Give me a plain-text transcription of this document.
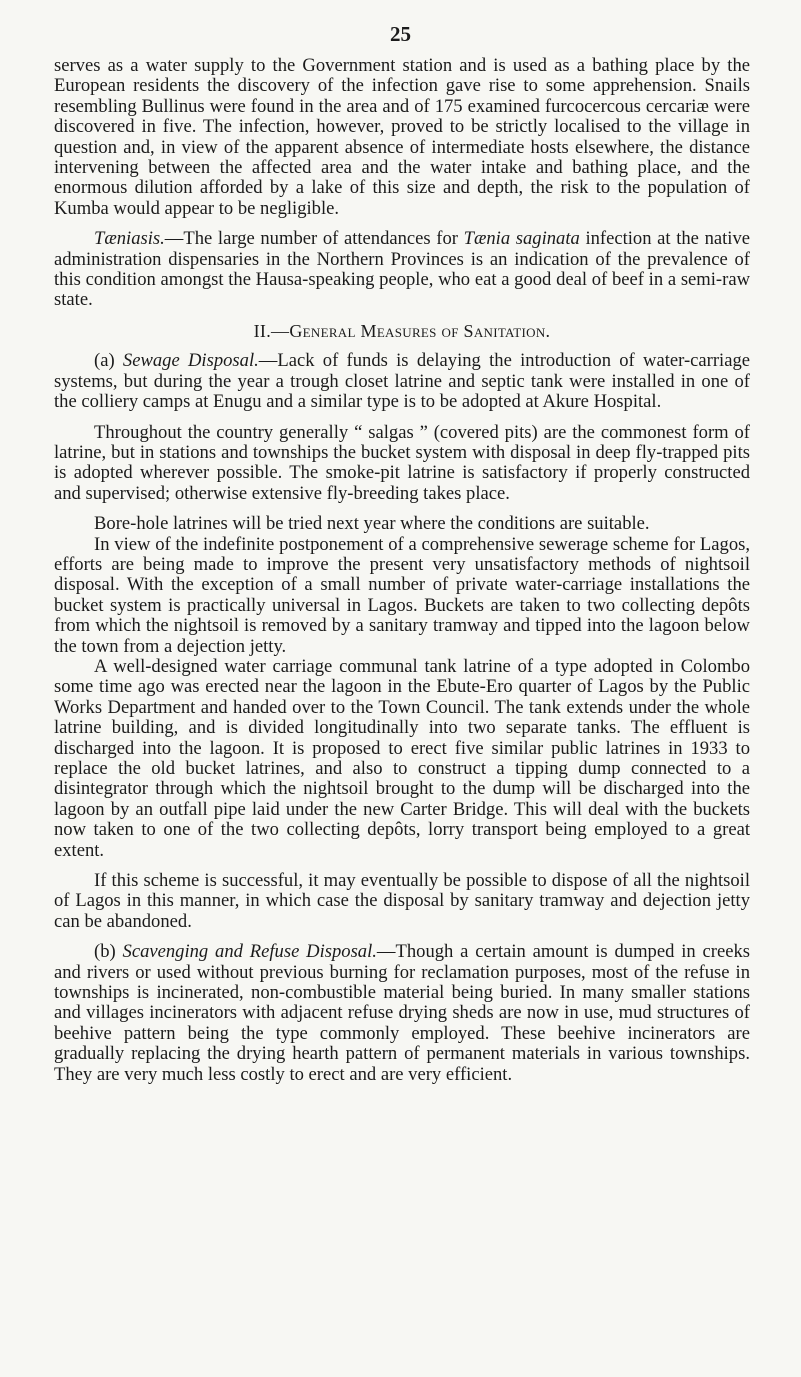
25

serves as a water supply to the Government station and is used as a bathing place by the European residents the discovery of the infection gave rise to some apprehension. Snails resembling Bullinus were found in the area and of 175 examined furcocercous cercariæ were discovered in five. The infection, however, proved to be strictly localised to the village in question and, in view of the apparent absence of intermediate hosts elsewhere, the distance intervening between the affected area and the water intake and bathing place, and the enormous dilution afforded by a lake of this size and depth, the risk to the population of Kumba would appear to be negligible.

Tæniasis.—The large number of attendances for Tænia saginata infection at the native administration dispensaries in the Northern Provinces is an indication of the prevalence of this condition amongst the Hausa-speaking people, who eat a good deal of beef in a semi-raw state.

II.—General Measures of Sanitation.

(a) Sewage Disposal.—Lack of funds is delaying the introduction of water-carriage systems, but during the year a trough closet latrine and septic tank were installed in one of the colliery camps at Enugu and a similar type is to be adopted at Akure Hospital.

Throughout the country generally “ salgas ” (covered pits) are the commonest form of latrine, but in stations and townships the bucket system with disposal in deep fly-trapped pits is adopted wherever possible. The smoke-pit latrine is satisfactory if properly constructed and supervised; otherwise extensive fly-breeding takes place.

Bore-hole latrines will be tried next year where the conditions are suitable.

In view of the indefinite postponement of a comprehensive sewerage scheme for Lagos, efforts are being made to improve the present very unsatisfactory methods of nightsoil disposal. With the exception of a small number of private water-carriage installations the bucket system is practically universal in Lagos. Buckets are taken to two collecting depôts from which the nightsoil is removed by a sanitary tramway and tipped into the lagoon below the town from a dejection jetty.

A well-designed water carriage communal tank latrine of a type adopted in Colombo some time ago was erected near the lagoon in the Ebute-Ero quarter of Lagos by the Public Works Department and handed over to the Town Council. The tank extends under the whole latrine building, and is divided longitudinally into two separate tanks. The effluent is discharged into the lagoon. It is proposed to erect five similar public latrines in 1933 to replace the old bucket latrines, and also to construct a tipping dump connected to a disintegrator through which the nightsoil brought to the dump will be discharged into the lagoon by an outfall pipe laid under the new Carter Bridge. This will deal with the buckets now taken to one of the two collecting depôts, lorry transport being employed to a great extent.

If this scheme is successful, it may eventually be possible to dispose of all the nightsoil of Lagos in this manner, in which case the disposal by sanitary tramway and dejection jetty can be abandoned.

(b) Scavenging and Refuse Disposal.—Though a certain amount is dumped in creeks and rivers or used without previous burning for reclamation purposes, most of the refuse in townships is incinerated, non-combustible material being buried. In many smaller stations and villages incinerators with adjacent refuse drying sheds are now in use, mud structures of beehive pattern being the type commonly employed. These beehive incinerators are gradually replacing the drying hearth pattern of permanent materials in various townships. They are very much less costly to erect and are very efficient.
